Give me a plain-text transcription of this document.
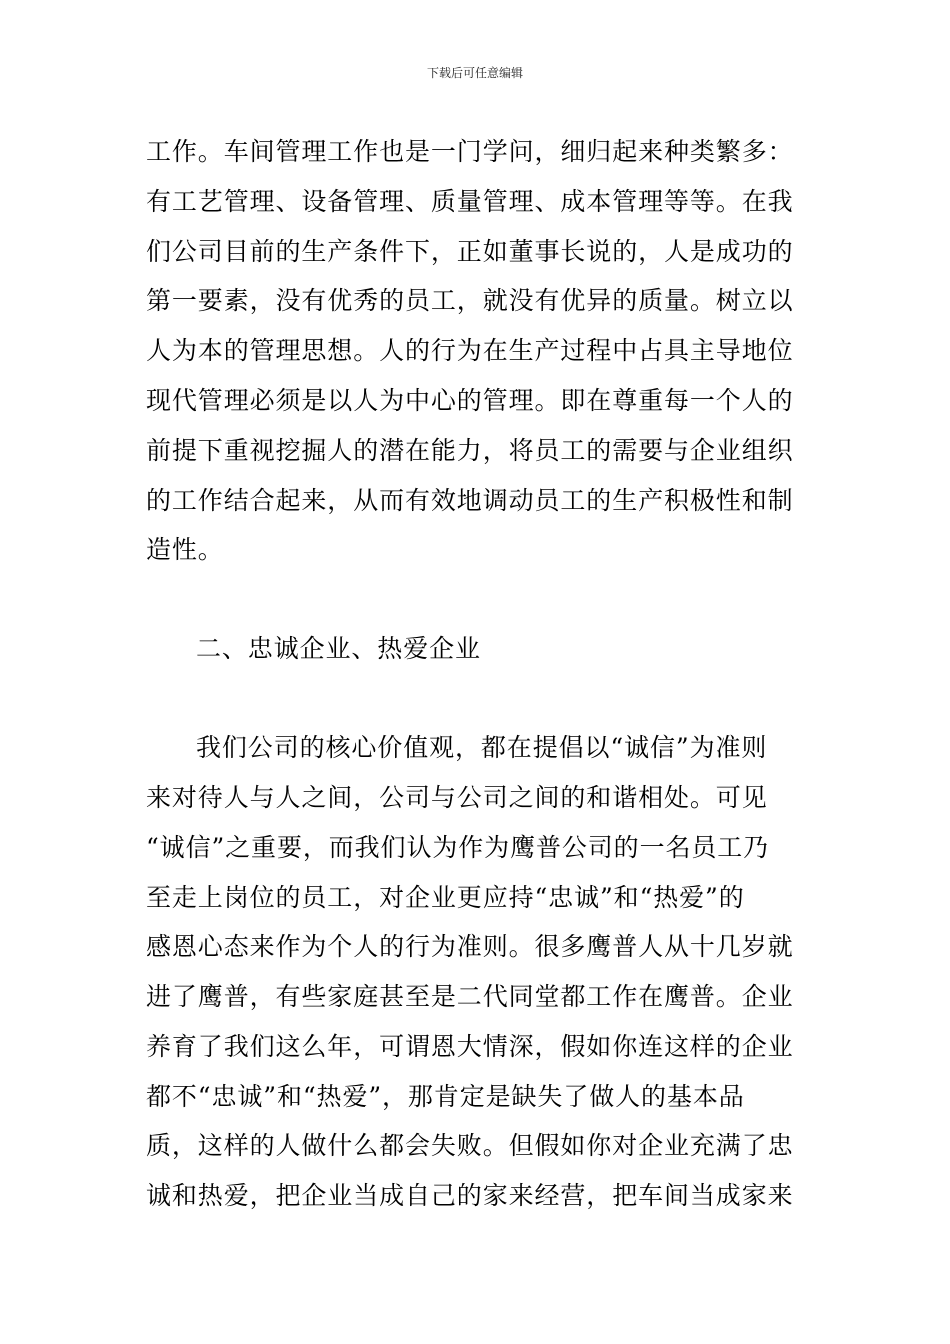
下载后可任意编辑
工作。车间管理工作也是一门学问，细归起来种类繁多：
有工艺管理、设备管理、质量管理、成本管理等等。在我
们公司目前的生产条件下，正如董事长说的，人是成功的
第一要素，没有优秀的员工，就没有优异的质量。树立以
人为本的管理思想。人的行为在生产过程中占具主导地位
现代管理必须是以人为中心的管理。即在尊重每一个人的
前提下重视挖掘人的潜在能力，将员工的需要与企业组织
的工作结合起来，从而有效地调动员工的生产积极性和制
造性。
二、忠诚企业、热爱企业
我们公司的核心价值观，都在提倡以“诚信”为准则
来对待人与人之间，公司与公司之间的和谐相处。可见
“诚信”之重要，而我们认为作为鹰普公司的一名员工乃
至走上岗位的员工，对企业更应持“忠诚”和“热爱”的
感恩心态来作为个人的行为准则。很多鹰普人从十几岁就
进了鹰普，有些家庭甚至是二代同堂都工作在鹰普。企业
养育了我们这么年，可谓恩大情深，假如你连这样的企业
都不“忠诚”和“热爱”，那肯定是缺失了做人的基本品
质，这样的人做什么都会失败。但假如你对企业充满了忠
诚和热爱，把企业当成自己的家来经营，把车间当成家来
